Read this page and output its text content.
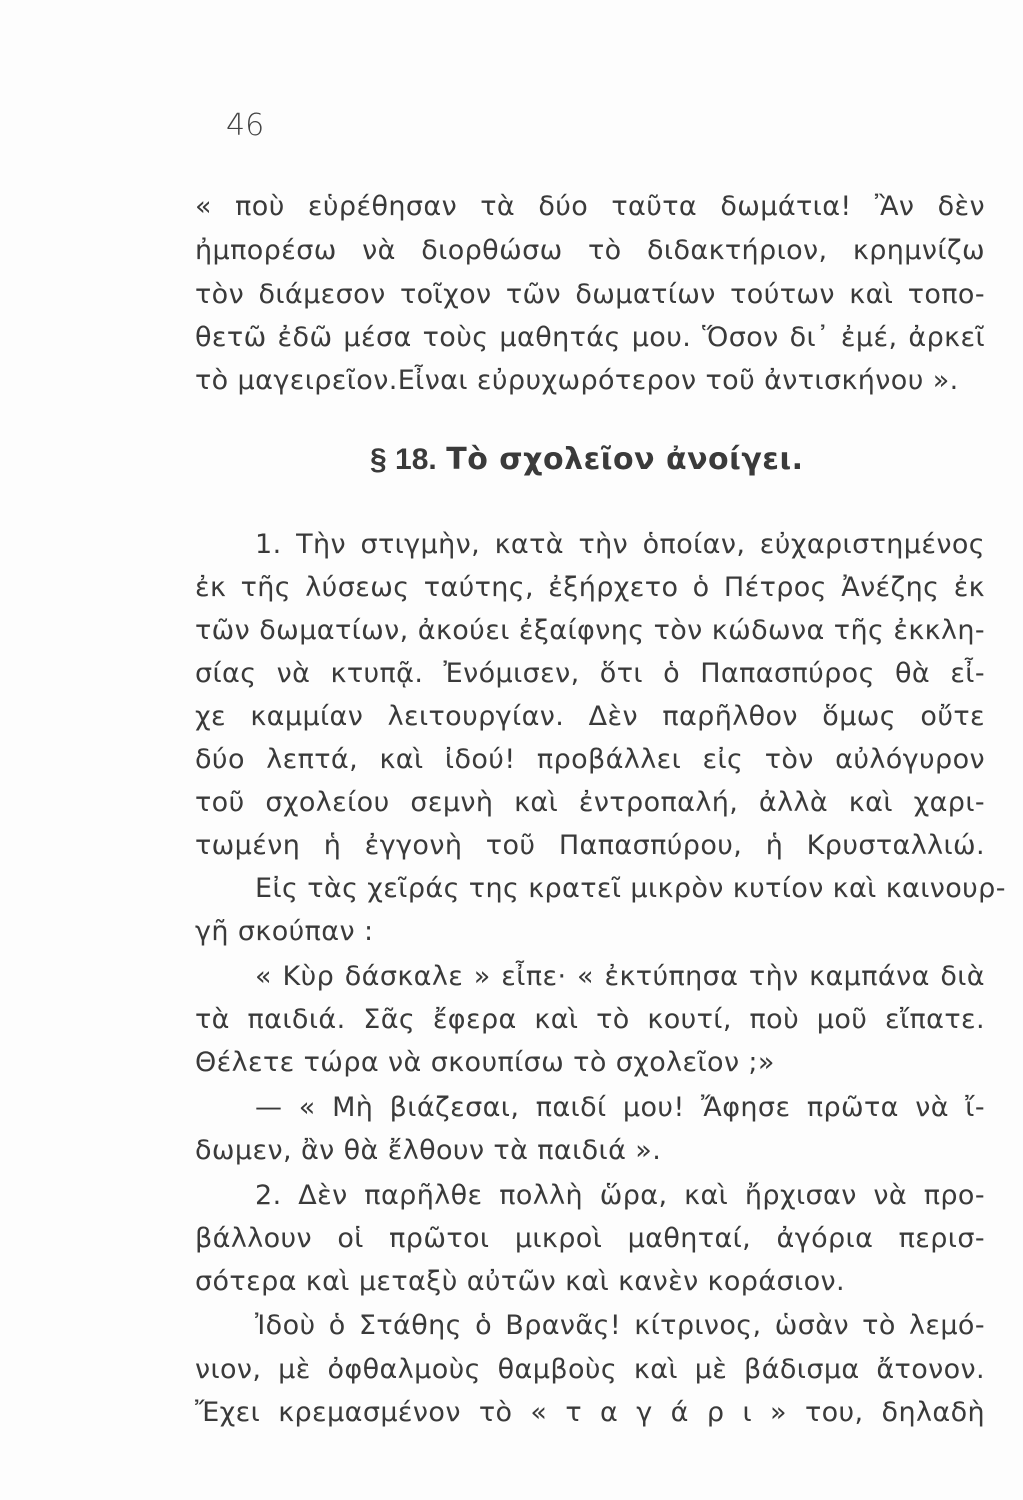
46
« ποὺ εὑρέθησαν τὰ δύο ταῦτα δωμάτια! Ἂν δὲν
ἠμπορέσω νὰ διορθώσω τὸ διδακτήριον, κρημνίζω
τὸν διάμεσον τοῖχον τῶν δωματίων τούτων καὶ τοπο-
θετῶ ἐδῶ μέσα τοὺς μαθητάς μου. Ὅσον δι᾿ ἐμέ, ἀρκεῖ
τὸ μαγειρεῖον.Εἶναι εὐρυχωρότερον τοῦ ἀντισκήνου ».
§ 18. Τὸ σχολεῖον ἀνοίγει.
1. Τὴν στιγμὴν, κατὰ τὴν ὁποίαν, εὐχαριστημένος
ἐκ τῆς λύσεως ταύτης, ἐξήρχετο ὁ Πέτρος Ἀνέζης ἐκ
τῶν δωματίων, ἀκούει ἐξαίφνης τὸν κώδωνα τῆς ἐκκλη-
σίας νὰ κτυπᾷ. Ἐνόμισεν, ὅτι ὁ Παπασπύρος θὰ εἶ-
χε καμμίαν λειτουργίαν. Δὲν παρῆλθον ὅμως οὔτε
δύο λεπτά, καὶ ἰδού! προβάλλει εἰς τὸν αὐλόγυρον
τοῦ σχολείου σεμνὴ καὶ ἐντροπαλή, ἀλλὰ καὶ χαρι-
τωμένη ἡ ἐγγονὴ τοῦ Παπασπύρου, ἡ Κρυσταλλιώ.
Εἰς τὰς χεῖράς της κρατεῖ μικρὸν κυτίον καὶ καινουρ-
γῆ σκούπαν :
« Κὺρ δάσκαλε » εἶπε· « ἐκτύπησα τὴν καμπάνα διὰ
τὰ παιδιά. Σᾶς ἔφερα καὶ τὸ κουτί, ποὺ μοῦ εἴπατε.
Θέλετε τώρα νὰ σκουπίσω τὸ σχολεῖον ;»
— « Μὴ βιάζεσαι, παιδί μου! Ἄφησε πρῶτα νὰ ἴ-
δωμεν, ἂν θὰ ἔλθουν τὰ παιδιά ».
2. Δὲν παρῆλθε πολλὴ ὥρα, καὶ ἤρχισαν νὰ προ-
βάλλουν οἱ πρῶτοι μικροὶ μαθηταί, ἀγόρια περισ-
σότερα καὶ μεταξὺ αὐτῶν καὶ κανὲν κοράσιον.
Ἰδοὺ ὁ Στάθης ὁ Βρανᾶς! κίτρινος, ὡσὰν τὸ λεμό-
νιον, μὲ ὀφθαλμοὺς θαμβοὺς καὶ μὲ βάδισμα ἄτονον.
Ἔχει κρεμασμένον τὸ « τ α γ ά ρ ι » του, δηλαδὴ
